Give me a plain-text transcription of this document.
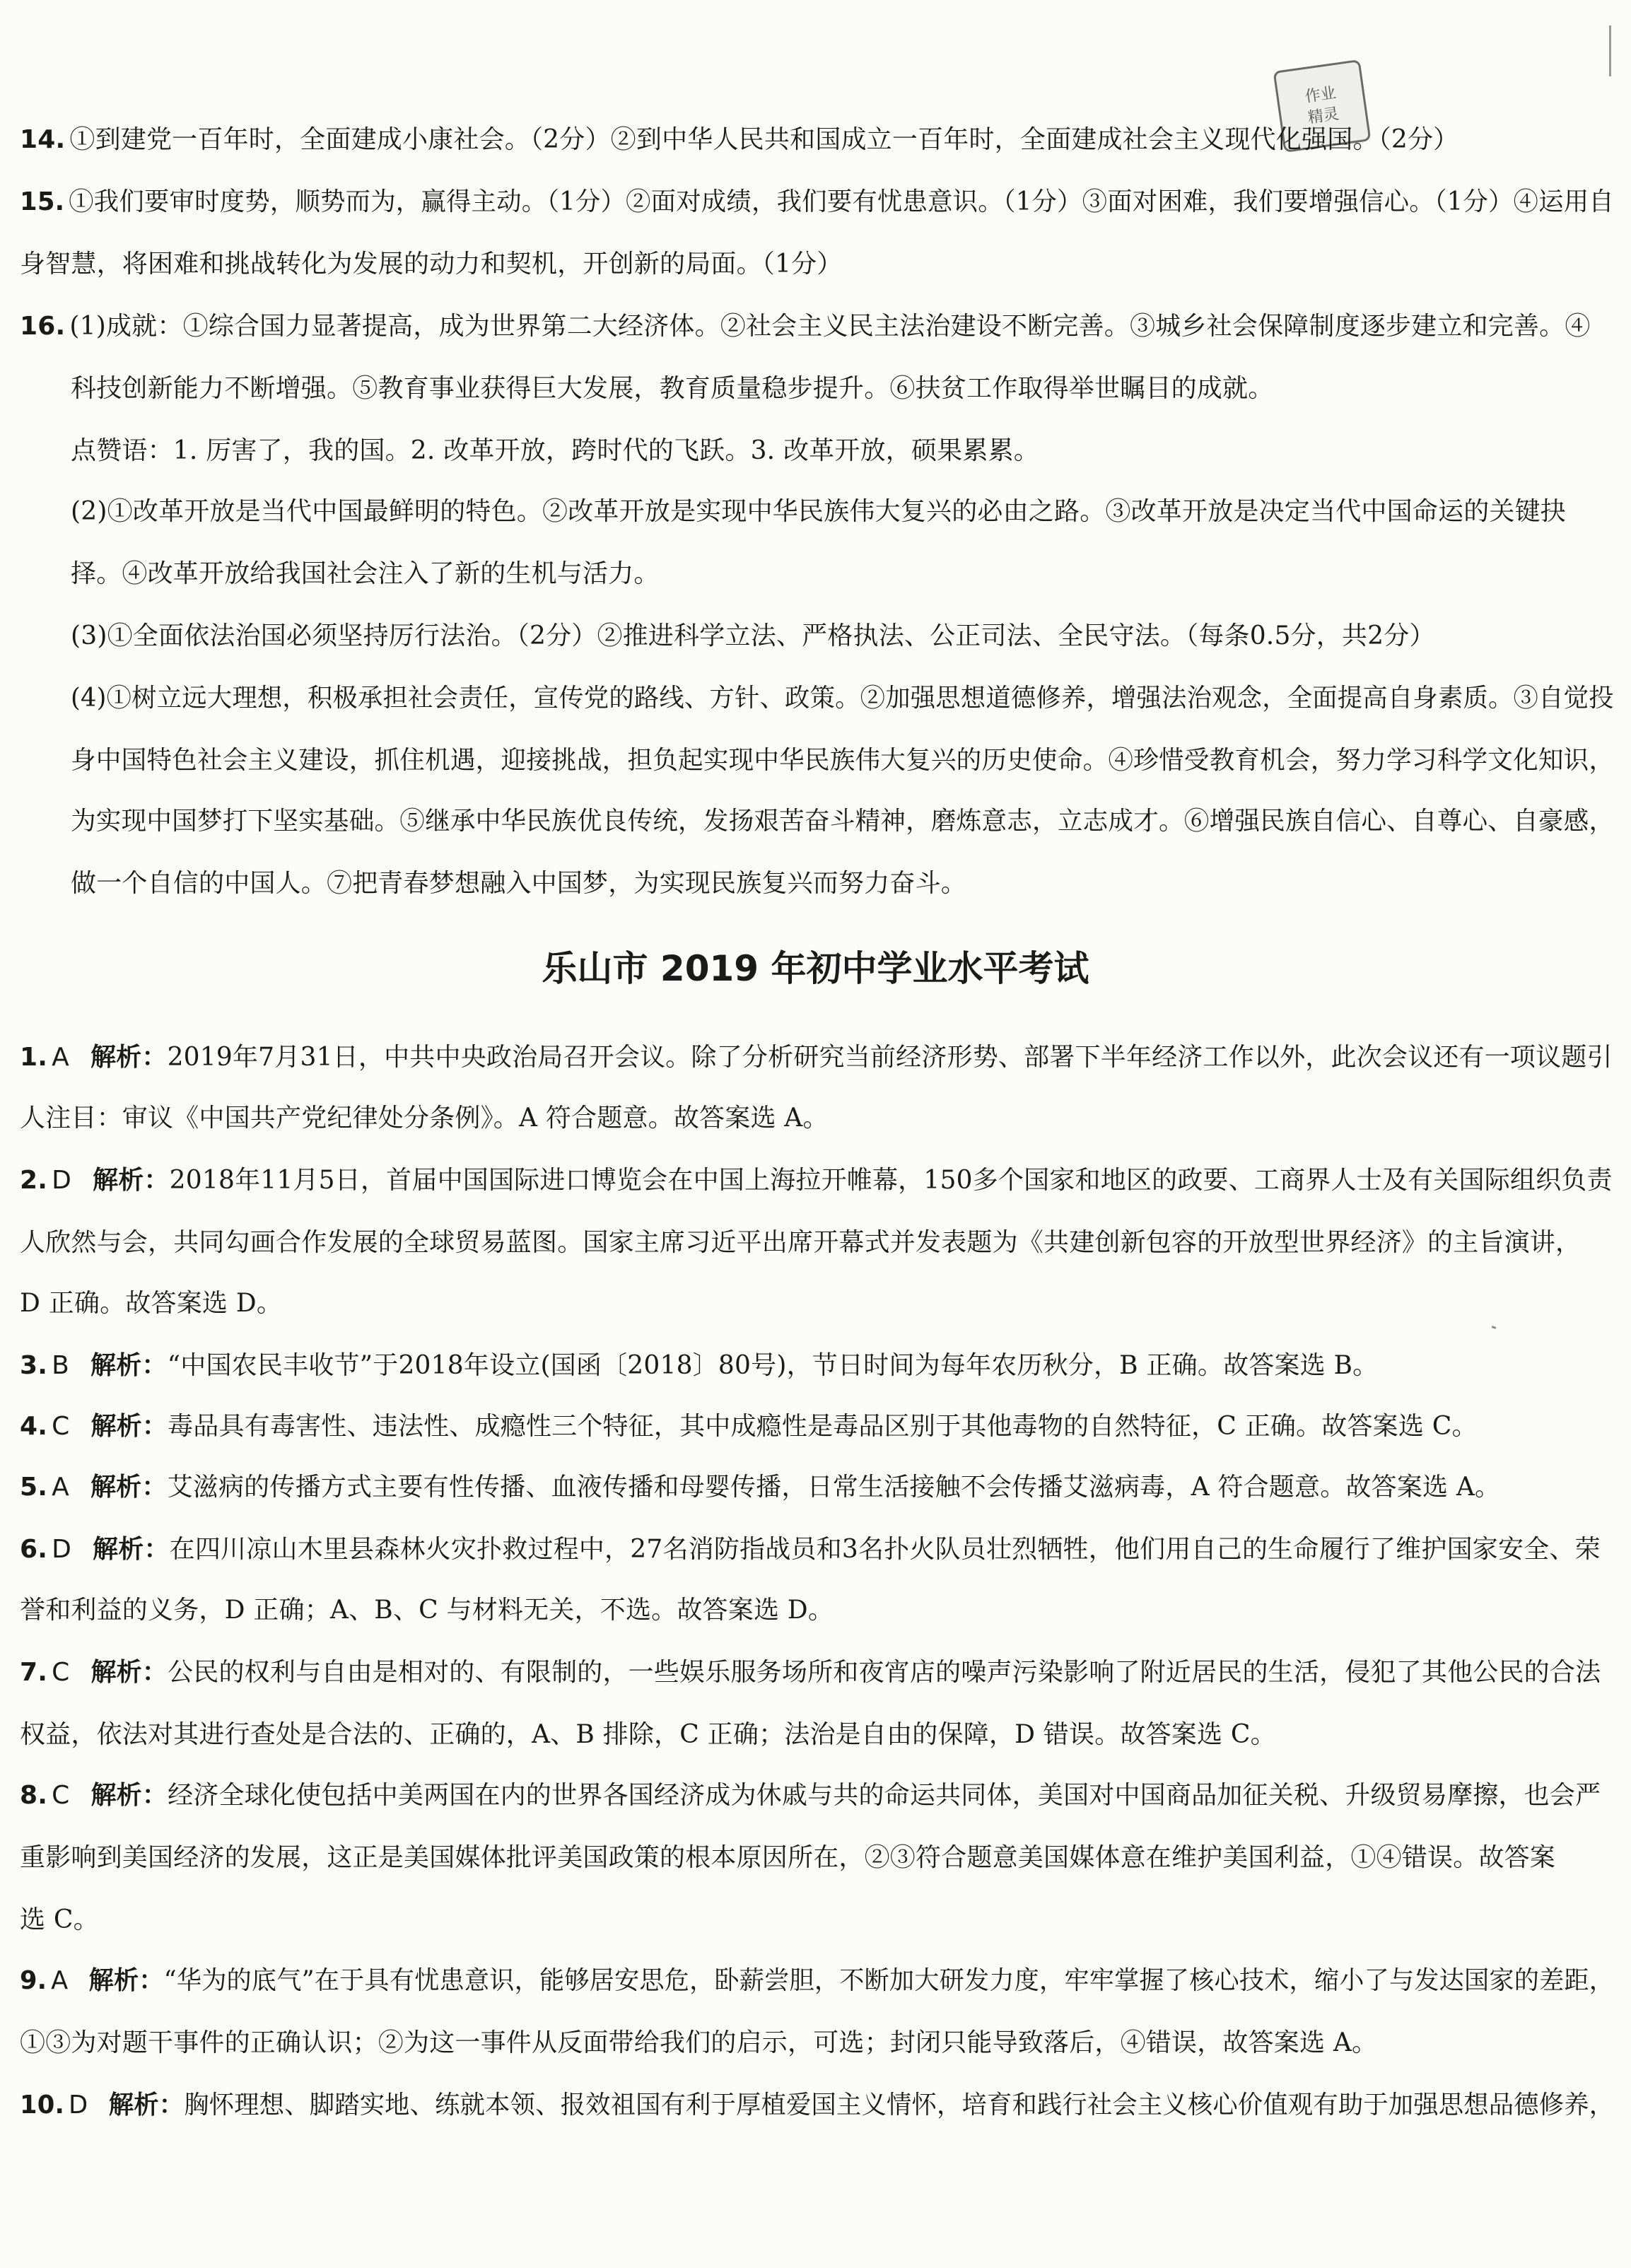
作业
精灵
14. ①到建党一百年时，全面建成小康社会。（2分）②到中华人民共和国成立一百年时，全面建成社会主义现代化强国。（2分）
15. ①我们要审时度势，顺势而为，赢得主动。（1分）②面对成绩，我们要有忧患意识。（1分）③面对困难，我们要增强信心。（1分）④运用自
身智慧，将困难和挑战转化为发展的动力和契机，开创新的局面。（1分）
16. (1)成就：①综合国力显著提高，成为世界第二大经济体。②社会主义民主法治建设不断完善。③城乡社会保障制度逐步建立和完善。④
科技创新能力不断增强。⑤教育事业获得巨大发展，教育质量稳步提升。⑥扶贫工作取得举世瞩目的成就。
点赞语：1. 厉害了，我的国。2. 改革开放，跨时代的飞跃。3. 改革开放，硕果累累。
(2)①改革开放是当代中国最鲜明的特色。②改革开放是实现中华民族伟大复兴的必由之路。③改革开放是决定当代中国命运的关键抉
择。④改革开放给我国社会注入了新的生机与活力。
(3)①全面依法治国必须坚持厉行法治。（2分）②推进科学立法、严格执法、公正司法、全民守法。（每条0.5分，共2分）
(4)①树立远大理想，积极承担社会责任，宣传党的路线、方针、政策。②加强思想道德修养，增强法治观念，全面提高自身素质。③自觉投
身中国特色社会主义建设，抓住机遇，迎接挑战，担负起实现中华民族伟大复兴的历史使命。④珍惜受教育机会，努力学习科学文化知识，
为实现中国梦打下坚实基础。⑤继承中华民族优良传统，发扬艰苦奋斗精神，磨炼意志，立志成才。⑥增强民族自信心、自尊心、自豪感，
做一个自信的中国人。⑦把青春梦想融入中国梦，为实现民族复兴而努力奋斗。
乐山市 2019 年初中学业水平考试
1. A 解析：2019年7月31日，中共中央政治局召开会议。除了分析研究当前经济形势、部署下半年经济工作以外，此次会议还有一项议题引
人注目：审议《中国共产党纪律处分条例》。A 符合题意。故答案选 A。
2. D 解析：2018年11月5日，首届中国国际进口博览会在中国上海拉开帷幕，150多个国家和地区的政要、工商界人士及有关国际组织负责
人欣然与会，共同勾画合作发展的全球贸易蓝图。国家主席习近平出席开幕式并发表题为《共建创新包容的开放型世界经济》的主旨演讲，
D 正确。故答案选 D。
3. B 解析：“中国农民丰收节”于2018年设立(国函〔2018〕80号)，节日时间为每年农历秋分，B 正确。故答案选 B。
4. C 解析：毒品具有毒害性、违法性、成瘾性三个特征，其中成瘾性是毒品区别于其他毒物的自然特征，C 正确。故答案选 C。
5. A 解析：艾滋病的传播方式主要有性传播、血液传播和母婴传播，日常生活接触不会传播艾滋病毒，A 符合题意。故答案选 A。
6. D 解析：在四川凉山木里县森林火灾扑救过程中，27名消防指战员和3名扑火队员壮烈牺牲，他们用自己的生命履行了维护国家安全、荣
誉和利益的义务，D 正确；A、B、C 与材料无关，不选。故答案选 D。
7. C 解析：公民的权利与自由是相对的、有限制的，一些娱乐服务场所和夜宵店的噪声污染影响了附近居民的生活，侵犯了其他公民的合法
权益，依法对其进行查处是合法的、正确的，A、B 排除，C 正确；法治是自由的保障，D 错误。故答案选 C。
8. C 解析：经济全球化使包括中美两国在内的世界各国经济成为休戚与共的命运共同体，美国对中国商品加征关税、升级贸易摩擦，也会严
重影响到美国经济的发展，这正是美国媒体批评美国政策的根本原因所在，②③符合题意美国媒体意在维护美国利益，①④错误。故答案
选 C。
9. A 解析：“华为的底气”在于具有忧患意识，能够居安思危，卧薪尝胆，不断加大研发力度，牢牢掌握了核心技术，缩小了与发达国家的差距，
①③为对题干事件的正确认识；②为这一事件从反面带给我们的启示，可选；封闭只能导致落后，④错误，故答案选 A。
10. D 解析：胸怀理想、脚踏实地、练就本领、报效祖国有利于厚植爱国主义情怀，培育和践行社会主义核心价值观有助于加强思想品德修养，
